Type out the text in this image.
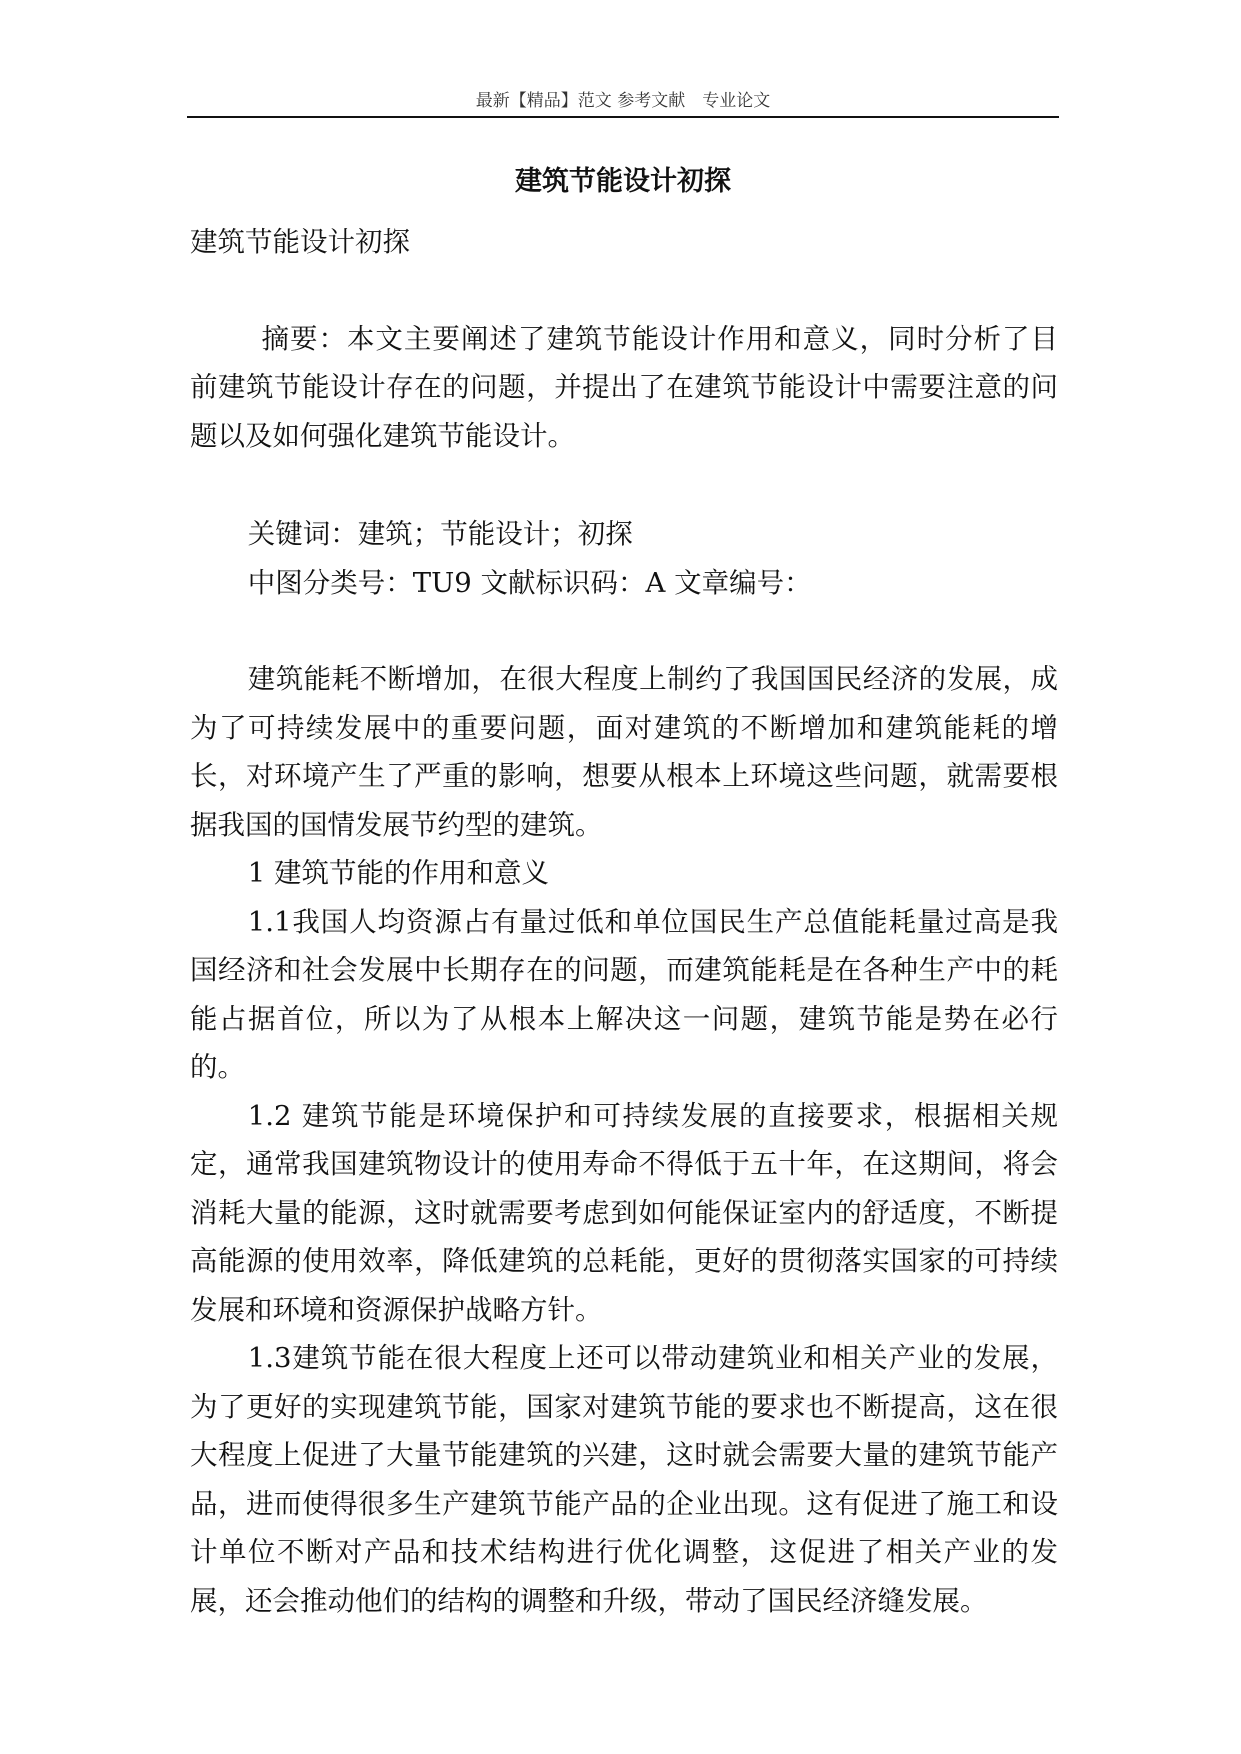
最新【精品】范文 参考文献　专业论文
建筑节能设计初探

建筑节能设计初探

摘要：本文主要阐述了建筑节能设计作用和意义，同时分析了目前建筑节能设计存在的问题，并提出了在建筑节能设计中需要注意的问题以及如何强化建筑节能设计。

关键词：建筑；节能设计；初探

中图分类号：TU9 文献标识码：A 文章编号：

建筑能耗不断增加，在很大程度上制约了我国国民经济的发展，成为了可持续发展中的重要问题，面对建筑的不断增加和建筑能耗的增长，对环境产生了严重的影响，想要从根本上环境这些问题，就需要根据我国的国情发展节约型的建筑。

1 建筑节能的作用和意义

1.1我国人均资源占有量过低和单位国民生产总值能耗量过高是我国经济和社会发展中长期存在的问题，而建筑能耗是在各种生产中的耗能占据首位，所以为了从根本上解决这一问题，建筑节能是势在必行的。

1.2 建筑节能是环境保护和可持续发展的直接要求，根据相关规定，通常我国建筑物设计的使用寿命不得低于五十年，在这期间，将会消耗大量的能源，这时就需要考虑到如何能保证室内的舒适度，不断提高能源的使用效率，降低建筑的总耗能，更好的贯彻落实国家的可持续发展和环境和资源保护战略方针。

1.3建筑节能在很大程度上还可以带动建筑业和相关产业的发展，为了更好的实现建筑节能，国家对建筑节能的要求也不断提高，这在很大程度上促进了大量节能建筑的兴建，这时就会需要大量的建筑节能产品，进而使得很多生产建筑节能产品的企业出现。这有促进了施工和设计单位不断对产品和技术结构进行优化调整，这促进了相关产业的发展，还会推动他们的结构的调整和升级，带动了国民经济缝发展。
